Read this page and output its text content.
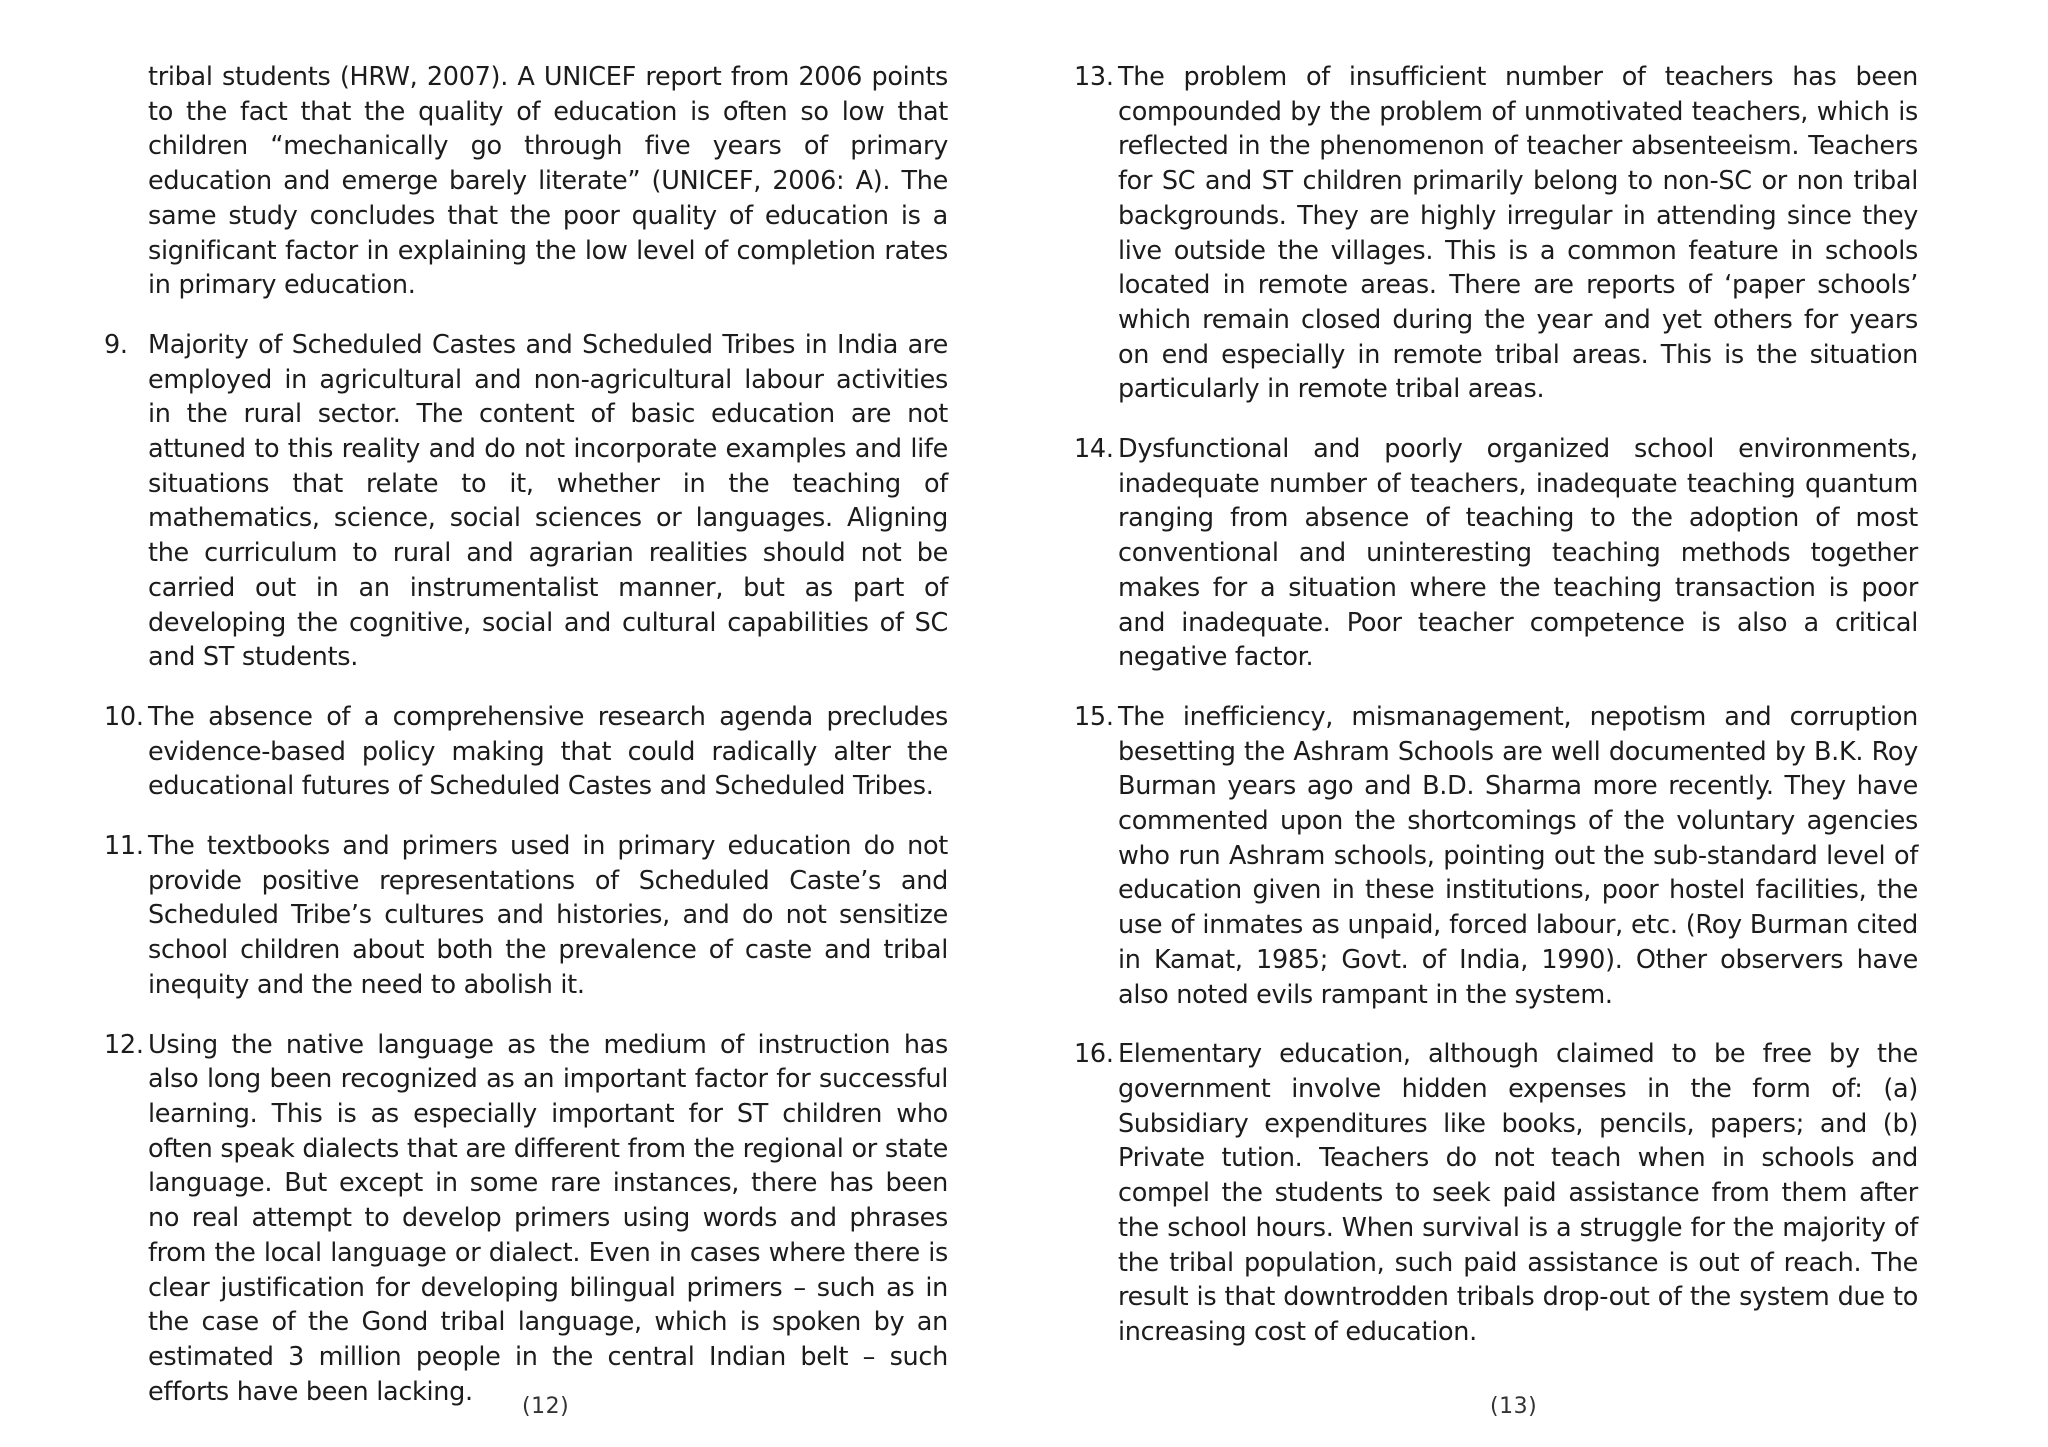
tribal students (HRW, 2007). A UNICEF report from 2006 points to the fact that the quality of education is often so low that children “mechanically go through five years of primary education and emerge barely literate” (UNICEF, 2006: A). The same study concludes that the poor quality of education is a significant factor in explaining the low level of completion rates in primary education.

9. Majority of Scheduled Castes and Scheduled Tribes in India are employed in agricultural and non-agricultural labour activities in the rural sector. The content of basic education are not attuned to this reality and do not incorporate examples and life situations that relate to it, whether in the teaching of mathematics, science, social sciences or languages. Aligning the curriculum to rural and agrarian realities should not be carried out in an instrumentalist manner, but as part of developing the cognitive, social and cultural capabilities of SC and ST students.
10. The absence of a comprehensive research agenda precludes evidence-based policy making that could radically alter the educational futures of Scheduled Castes and Scheduled Tribes.
11. The textbooks and primers used in primary education do not provide positive representations of Scheduled Caste’s and Scheduled Tribe’s cultures and histories, and do not sensitize school children about both the prevalence of caste and tribal inequity and the need to abolish it.
12. Using the native language as the medium of instruction has also long been recognized as an important factor for successful learning. This is as especially important for ST children who often speak dialects that are different from the regional or state language. But except in some rare instances, there has been no real attempt to develop primers using words and phrases from the local language or dialect. Even in cases where there is clear justification for developing bilingual primers – such as in the case of the Gond tribal language, which is spoken by an estimated 3 million people in the central Indian belt – such efforts have been lacking.	(12)
13. The problem of insufficient number of teachers has been compounded by the problem of unmotivated teachers, which is reflected in the phenomenon of teacher absenteeism. Teachers for SC and ST children primarily belong to non-SC or non tribal backgrounds. They are highly irregular in attending since they live outside the villages. This is a common feature in schools located in remote areas. There are reports of ‘paper schools’ which remain closed during the year and yet others for years on end especially in remote tribal areas. This is the situation particularly in remote tribal areas.
14. Dysfunctional and poorly organized school environments, inadequate number of teachers, inadequate teaching quantum ranging from absence of teaching to the adoption of most conventional and uninteresting teaching methods together makes for a situation where the teaching transaction is poor and inadequate. Poor teacher competence is also a critical negative factor.
15. The inefficiency, mismanagement, nepotism and corruption besetting the Ashram Schools are well documented by B.K. Roy Burman years ago and B.D. Sharma more recently. They have commented upon the shortcomings of the voluntary agencies who run Ashram schools, pointing out the sub-standard level of education given in these institutions, poor hostel facilities, the use of inmates as unpaid, forced labour, etc. (Roy Burman cited in Kamat, 1985; Govt. of India, 1990). Other observers have also noted evils rampant in the system.
16. Elementary education, although claimed to be free by the government involve hidden expenses in the form of: (a) Subsidiary expenditures like books, pencils, papers; and (b) Private tution. Teachers do not teach when in schools and compel the students to seek paid assistance from them after the school hours. When survival is a struggle for the majority of the tribal population, such paid assistance is out of reach. The result is that downtrodden tribals drop-out of the system due to increasing cost of education.
(13)
